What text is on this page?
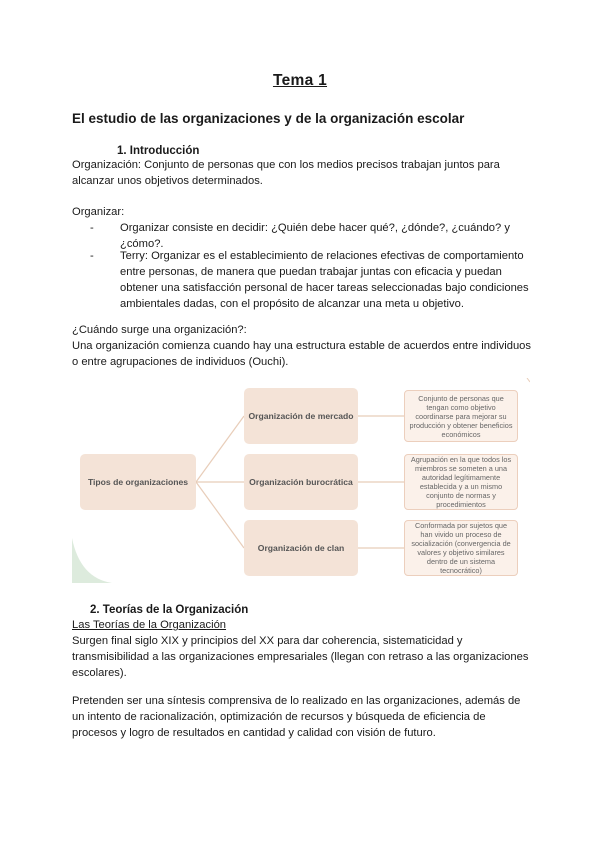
Tema 1
El estudio de las organizaciones y de la organización escolar
1. Introducción
Organización: Conjunto de personas que con los medios precisos trabajan juntos para
alcanzar unos objetivos determinados.
Organizar:
- Organizar consiste en decidir: ¿Quién debe hacer qué?, ¿dónde?, ¿cuándo? y
¿cómo?.
- Terry: Organizar es el establecimiento de relaciones efectivas de comportamiento
entre personas, de manera que puedan trabajar juntas con eficacia y puedan
obtener una satisfacción personal de hacer tareas seleccionadas bajo condiciones
ambientales dadas, con el propósito de alcanzar una meta u objetivo.
¿Cuándo surge una organización?:
Una organización comienza cuando hay una estructura estable de acuerdos entre individuos
o entre agrupaciones de individuos (Ouchi).
Tipos de organizaciones
Organización de mercado
Organización burocrática
Organización de clan
Conjunto de personas que tengan como objetivo coordinarse para mejorar su producción y obtener beneficios económicos
Agrupación en la que todos los miembros se someten a una autoridad legítimamente establecida y a un mismo conjunto de normas y procedimientos
Conformada por sujetos que han vivido un proceso de socialización (convergencia de valores y objetivo similares dentro de un sistema tecnocrático)
2. Teorías de la Organización
Las Teorías de la Organización
Surgen final siglo XIX y principios del XX para dar coherencia, sistematicidad y
transmisibilidad a las organizaciones empresariales (llegan con retraso a las organizaciones
escolares).
Pretenden ser una síntesis comprensiva de lo realizado en las organizaciones, además de
un intento de racionalización, optimización de recursos y búsqueda de eficiencia de
procesos y logro de resultados en cantidad y calidad con visión de futuro.
